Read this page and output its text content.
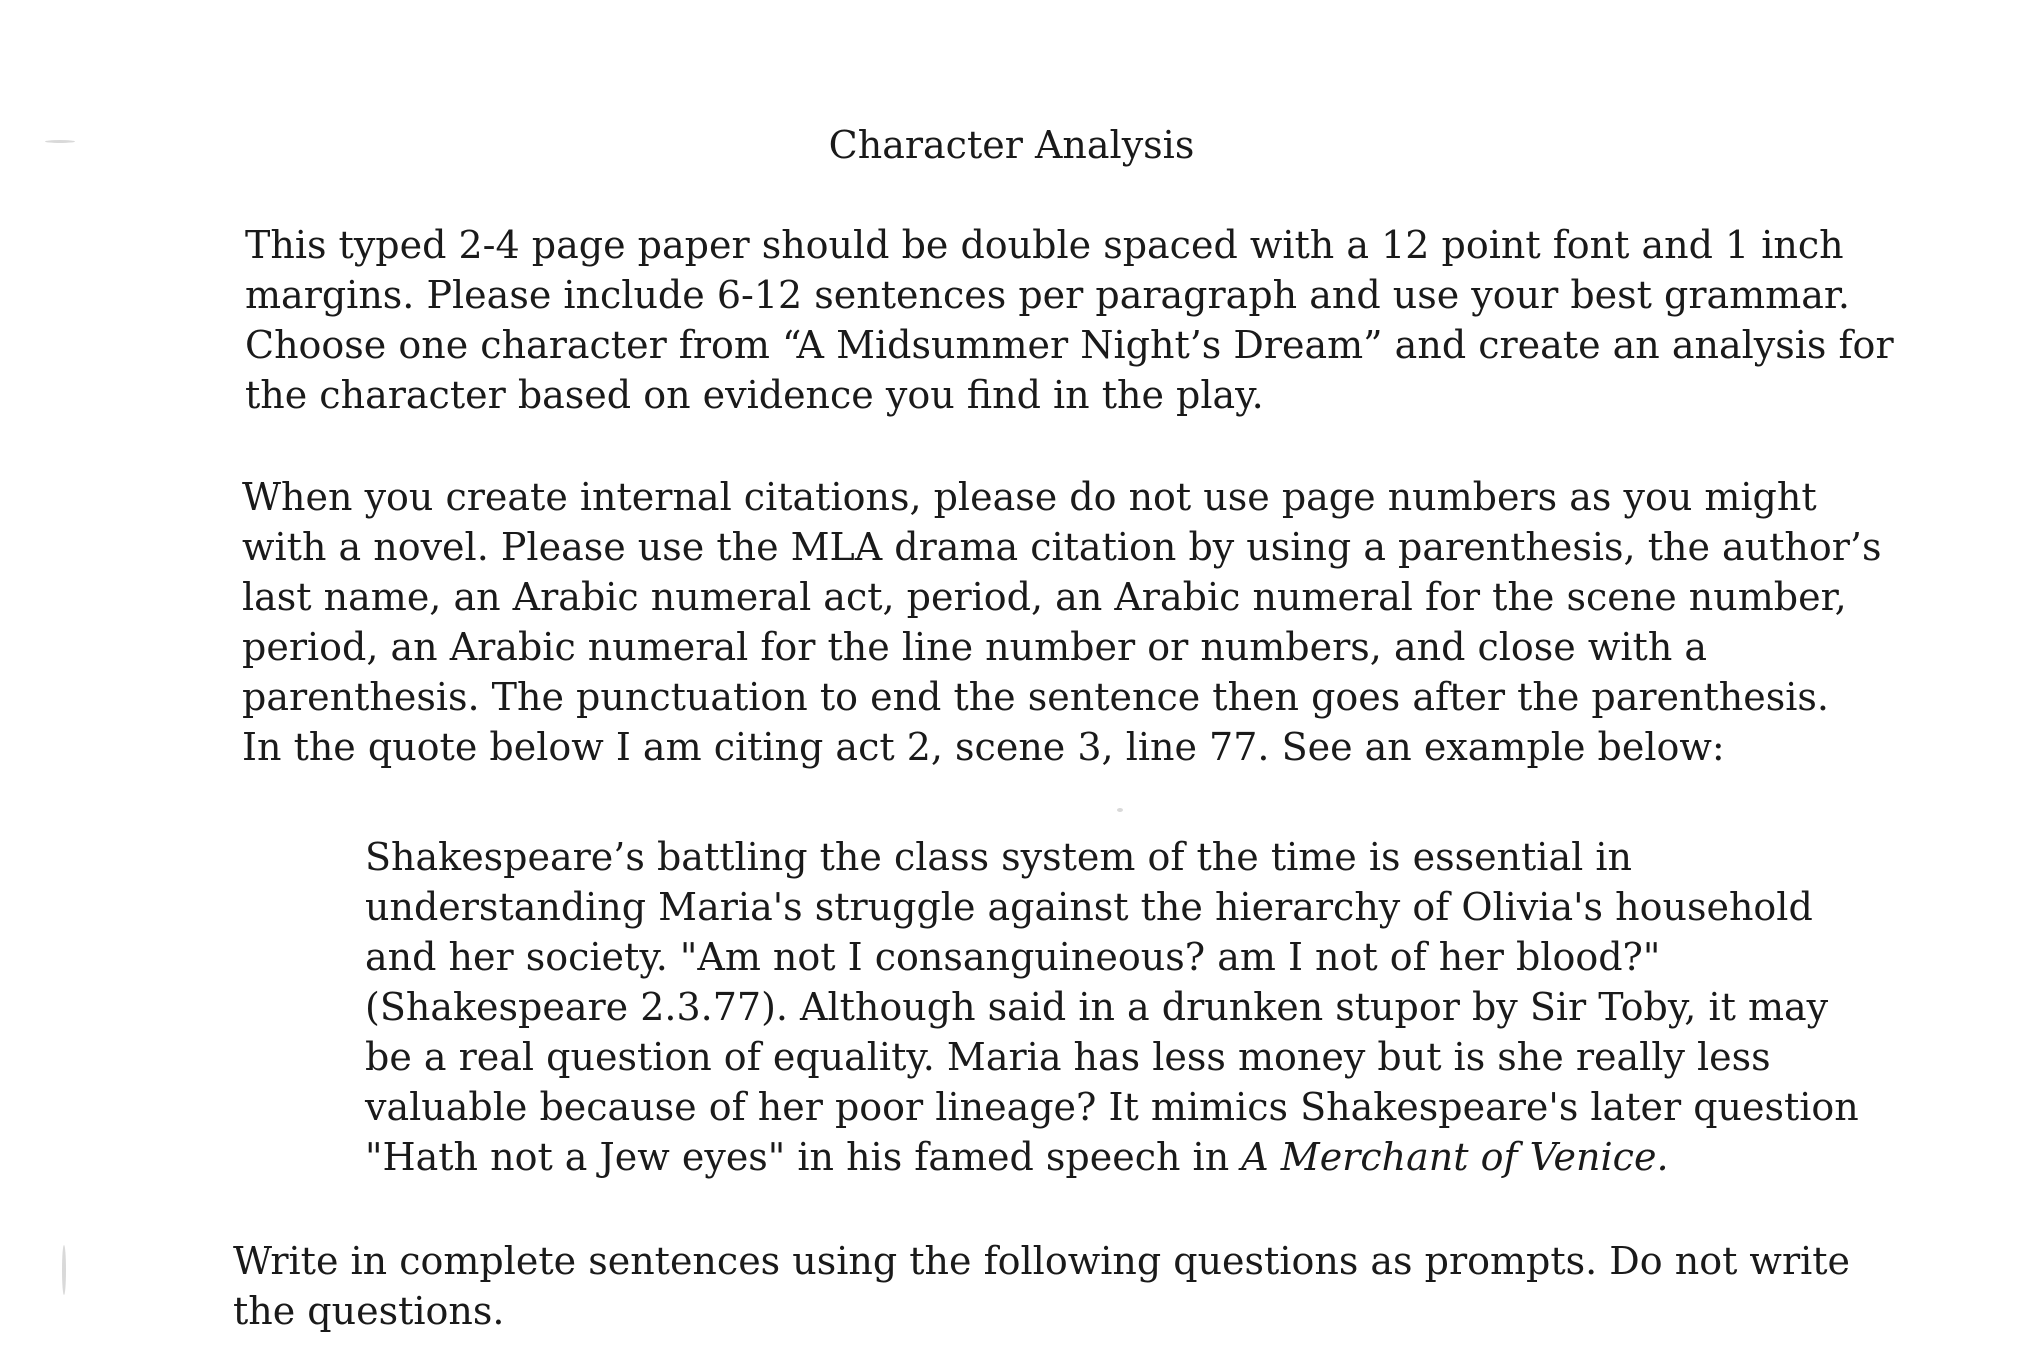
Character Analysis
This typed 2-4 page paper should be double spaced with a 12 point font and 1 inch
margins. Please include 6-12 sentences per paragraph and use your best grammar.
Choose one character from “A Midsummer Night’s Dream” and create an analysis for
the character based on evidence you find in the play.
When you create internal citations, please do not use page numbers as you might
with a novel. Please use the MLA drama citation by using a parenthesis, the author’s
last name, an Arabic numeral act, period, an Arabic numeral for the scene number,
period, an Arabic numeral for the line number or numbers, and close with a
parenthesis. The punctuation to end the sentence then goes after the parenthesis.
In the quote below I am citing act 2, scene 3, line 77. See an example below:
Shakespeare’s battling the class system of the time is essential in
understanding Maria's struggle against the hierarchy of Olivia's household
and her society. "Am not I consanguineous? am I not of her blood?"
(Shakespeare 2.3.77). Although said in a drunken stupor by Sir Toby, it may
be a real question of equality. Maria has less money but is she really less
valuable because of her poor lineage? It mimics Shakespeare's later question
"Hath not a Jew eyes" in his famed speech in A Merchant of Venice.
Write in complete sentences using the following questions as prompts. Do not write
the questions.
